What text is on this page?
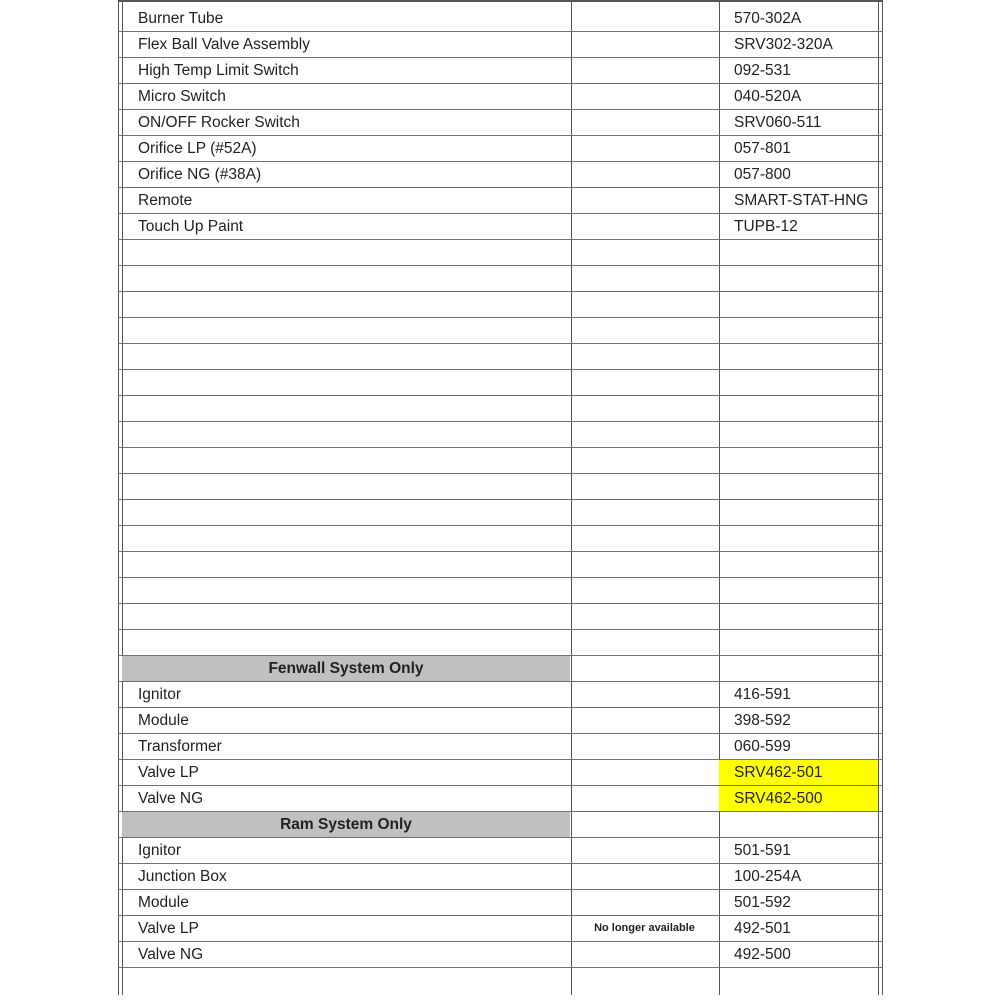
Burner Tube	570-302A
Flex Ball Valve Assembly	SRV302-320A
High Temp Limit Switch	092-531
Micro Switch	040-520A
ON/OFF Rocker Switch	SRV060-511
Orifice LP (#52A)	057-801
Orifice NG (#38A)	057-800
Remote	SMART-STAT-HNG
Touch Up Paint	TUPB-12
Fenwall System Only
Ignitor	416-591
Module	398-592
Transformer	060-599
Valve LP	SRV462-501
Valve NG	SRV462-500
Ram System Only
Ignitor	501-591
Junction Box	100-254A
Module	501-592
Valve LP	No longer available	492-501
Valve NG	492-500
